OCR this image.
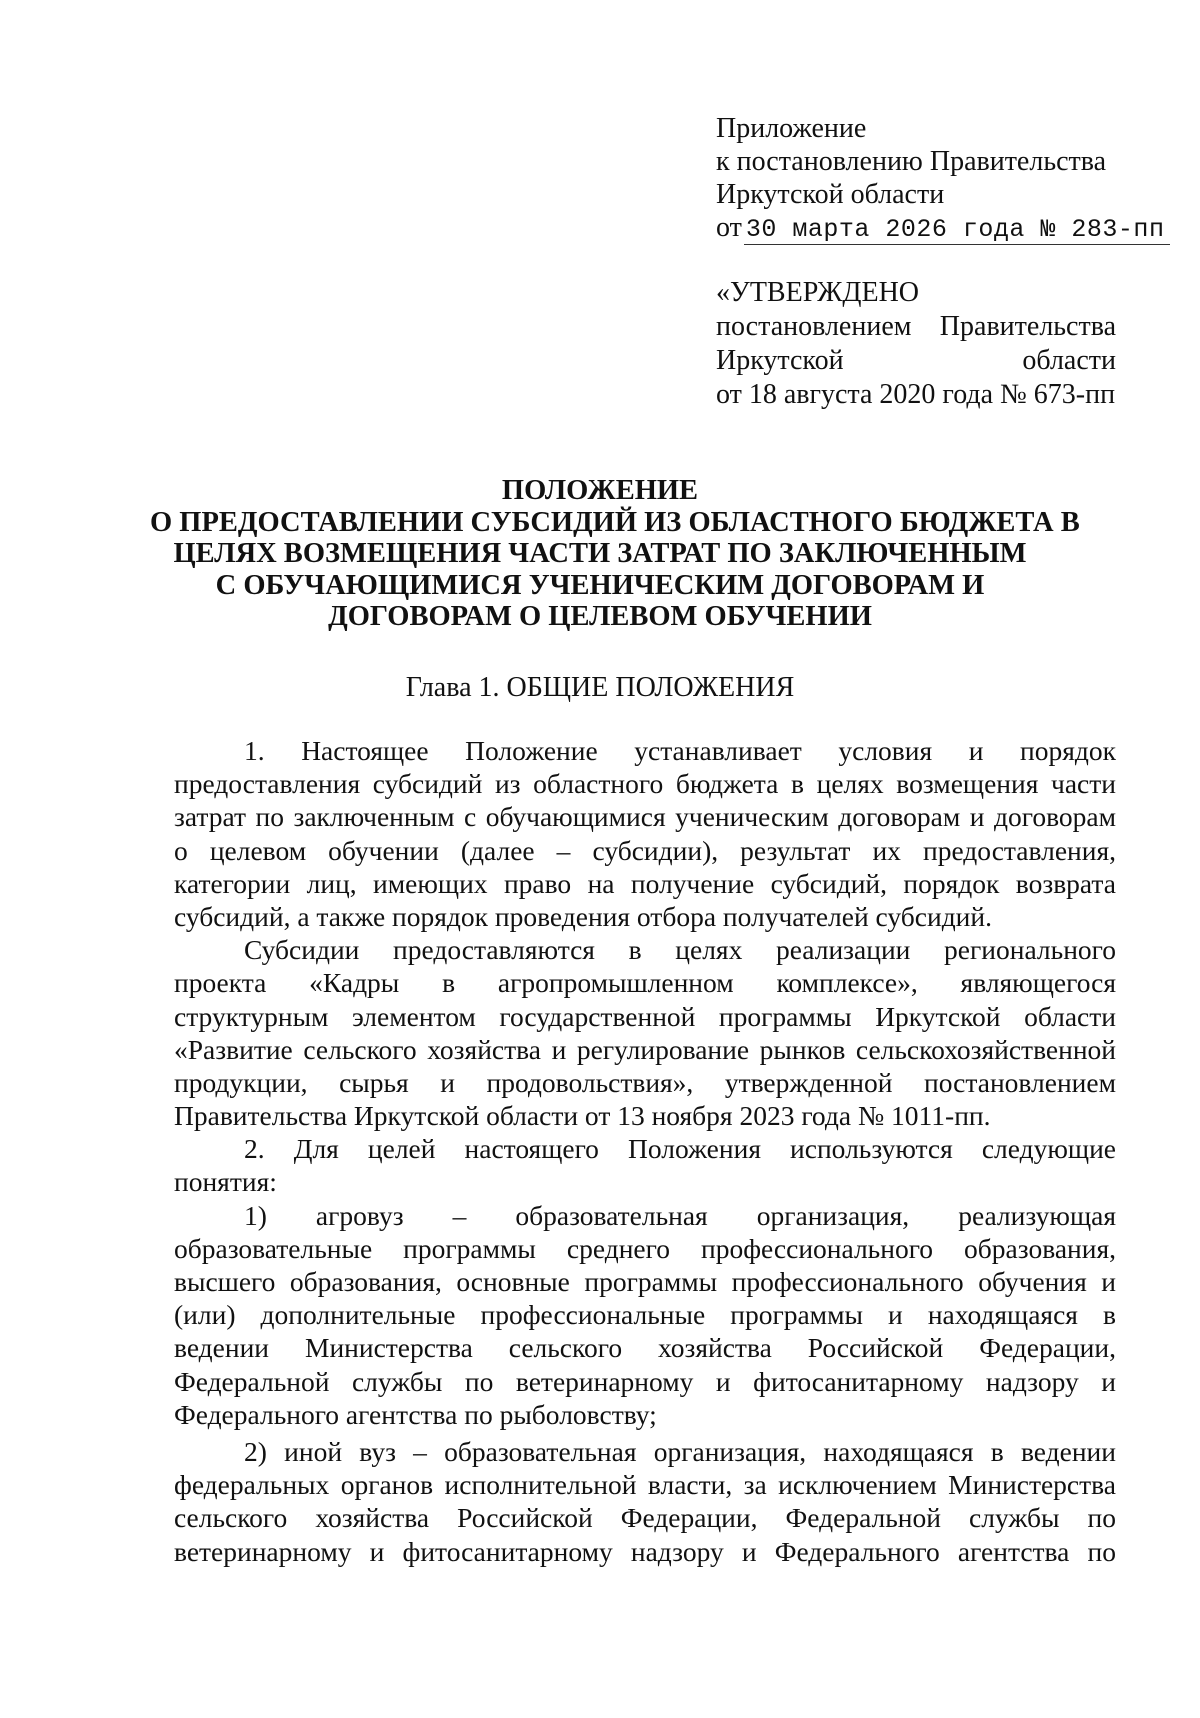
Приложение
к постановлению Правительства
Иркутской области
от 30 марта 2026 года № 283-пп
«УТВЕРЖДЕНО
постановлением Правительства
Иркутской	области
от 18 августа 2020 года № 673-пп
ПОЛОЖЕНИЕ
О ПРЕДОСТАВЛЕНИИ СУБСИДИЙ ИЗ ОБЛАСТНОГО БЮДЖЕТА В
ЦЕЛЯХ ВОЗМЕЩЕНИЯ ЧАСТИ ЗАТРАТ ПО ЗАКЛЮЧЕННЫМ
С ОБУЧАЮЩИМИСЯ УЧЕНИЧЕСКИМ ДОГОВОРАМ И
ДОГОВОРАМ О ЦЕЛЕВОМ ОБУЧЕНИИ
Глава 1. ОБЩИЕ ПОЛОЖЕНИЯ
1. Настоящее Положение устанавливает условия и порядок
предоставления субсидий из областного бюджета в целях возмещения части
затрат по заключенным с обучающимися ученическим договорам и договорам
о целевом обучении (далее – субсидии), результат их предоставления,
категории лиц, имеющих право на получение субсидий, порядок возврата
субсидий, а также порядок проведения отбора получателей субсидий.
Субсидии предоставляются в целях реализации регионального
проекта «Кадры в агропромышленном комплексе», являющегося
структурным элементом государственной программы Иркутской области
«Развитие сельского хозяйства и регулирование рынков сельскохозяйственной
продукции, сырья и продовольствия», утвержденной постановлением
Правительства Иркутской области от 13 ноября 2023 года № 1011-пп.
2. Для целей настоящего Положения используются следующие
понятия:
1) агровуз – образовательная организация, реализующая
образовательные программы среднего профессионального образования,
высшего образования, основные программы профессионального обучения и
(или) дополнительные профессиональные программы и находящаяся в
ведении Министерства сельского хозяйства Российской Федерации,
Федеральной службы по ветеринарному и фитосанитарному надзору и
Федерального агентства по рыболовству;
2) иной вуз – образовательная организация, находящаяся в ведении
федеральных органов исполнительной власти, за исключением Министерства
сельского хозяйства Российской Федерации, Федеральной службы по
ветеринарному и фитосанитарному надзору и Федерального агентства по
